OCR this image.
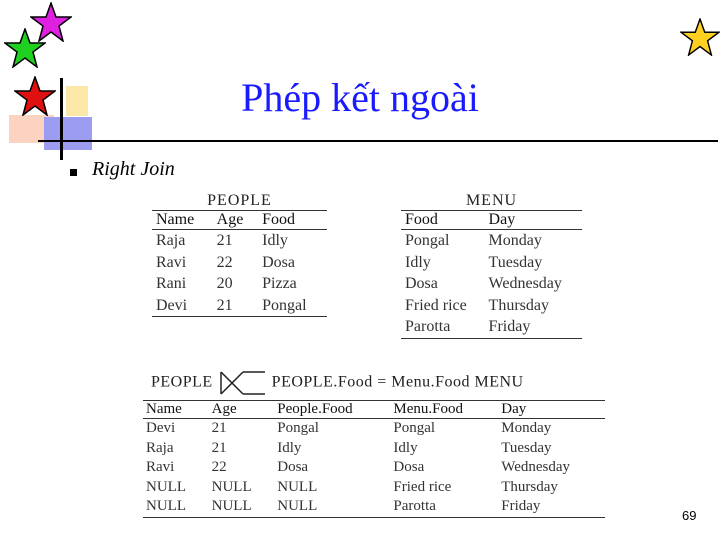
Phép kết ngoài
Right Join
PEOPLE
Name	Age	Food
Raja	21	Idly
Ravi	22	Dosa
Rani	20	Pizza
Devi	21	Pongal
MENU
Food	Day
Pongal	Monday
Idly	Tuesday
Dosa	Wednesday
Fried rice	Thursday
Parotta	Friday
PEOPLE	PEOPLE.Food = Menu.Food MENU
Name	Age	People.Food	Menu.Food	Day
Devi	21	Pongal	Pongal	Monday
Raja	21	Idly	Idly	Tuesday
Ravi	22	Dosa	Dosa	Wednesday
NULL	NULL	NULL	Fried rice	Thursday
NULL	NULL	NULL	Parotta	Friday
69
